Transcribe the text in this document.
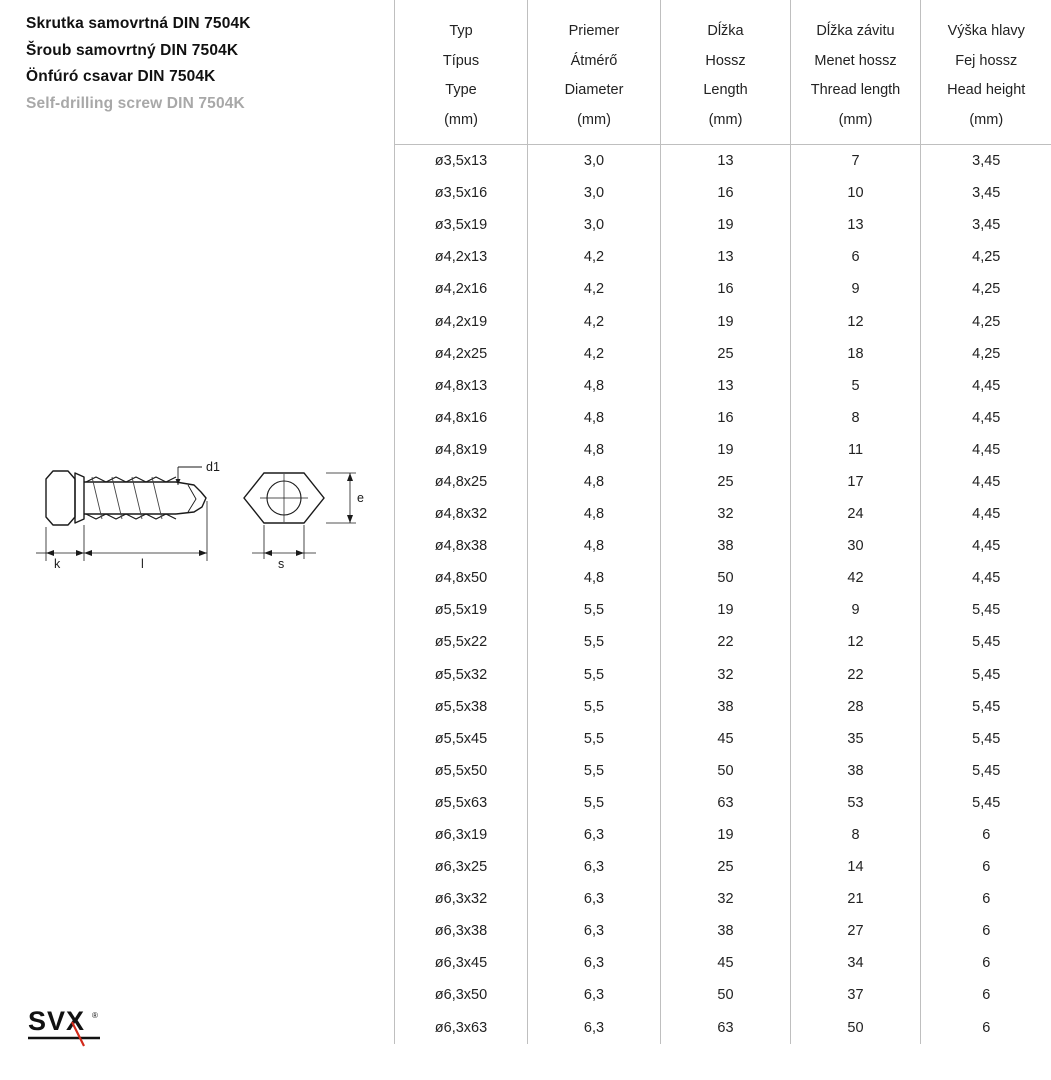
Skrutka samovrtná DIN 7504K
Šroub samovrtný DIN 7504K
Önfúró csavar DIN 7504K
Self-drilling screw DIN 7504K
d1
k	l
e
s
SVX ®
Typ
Típus
Type
(mm)

Priemer
Átmérő
Diameter
(mm)

Dĺžka
Hossz
Length
(mm)

Dĺžka závitu
Menet hossz
Thread length
(mm)

Výška hlavy
Fej hossz
Head height
(mm)

ø3,5x13	3,0	13	7	3,45
ø3,5x16	3,0	16	10	3,45
ø3,5x19	3,0	19	13	3,45
ø4,2x13	4,2	13	6	4,25
ø4,2x16	4,2	16	9	4,25
ø4,2x19	4,2	19	12	4,25
ø4,2x25	4,2	25	18	4,25
ø4,8x13	4,8	13	5	4,45
ø4,8x16	4,8	16	8	4,45
ø4,8x19	4,8	19	11	4,45
ø4,8x25	4,8	25	17	4,45
ø4,8x32	4,8	32	24	4,45
ø4,8x38	4,8	38	30	4,45
ø4,8x50	4,8	50	42	4,45
ø5,5x19	5,5	19	9	5,45
ø5,5x22	5,5	22	12	5,45
ø5,5x32	5,5	32	22	5,45
ø5,5x38	5,5	38	28	5,45
ø5,5x45	5,5	45	35	5,45
ø5,5x50	5,5	50	38	5,45
ø5,5x63	5,5	63	53	5,45
ø6,3x19	6,3	19	8	6
ø6,3x25	6,3	25	14	6
ø6,3x32	6,3	32	21	6
ø6,3x38	6,3	38	27	6
ø6,3x45	6,3	45	34	6
ø6,3x50	6,3	50	37	6
ø6,3x63	6,3	63	50	6
